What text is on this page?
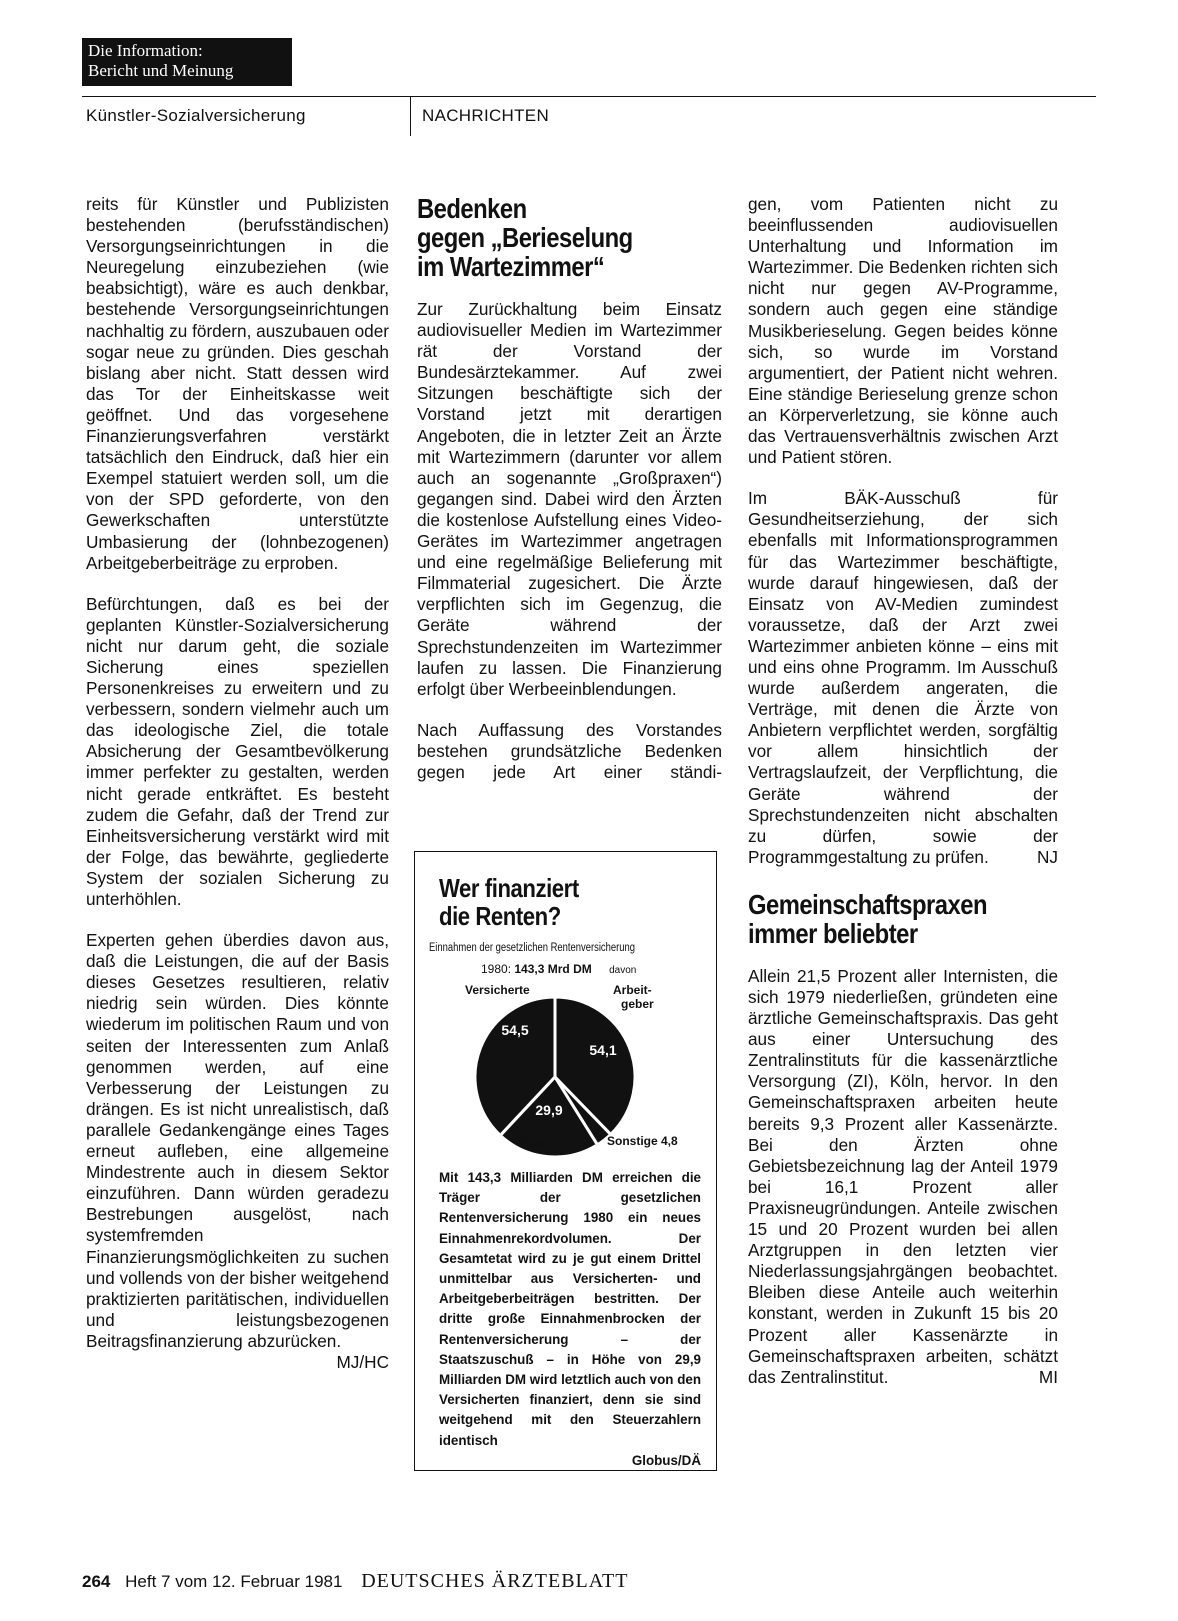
Die Information:
Bericht und Meinung
Künstler-Sozialversicherung	NACHRICHTEN

reits für Künstler und Publizisten bestehenden (berufsständischen) Versorgungseinrichtungen in die Neuregelung einzubeziehen (wie beabsichtigt), wäre es auch denkbar, bestehende Versorgungseinrichtungen nachhaltig zu fördern, auszubauen oder sogar neue zu gründen. Dies geschah bislang aber nicht. Statt dessen wird das Tor der Einheitskasse weit geöffnet. Und das vorgesehene Finanzierungsverfahren verstärkt tatsächlich den Eindruck, daß hier ein Exempel statuiert werden soll, um die von der SPD geforderte, von den Gewerkschaften unterstützte Umbasierung der (lohnbezogenen) Arbeitgeberbeiträge zu erproben.

Befürchtungen, daß es bei der geplanten Künstler-Sozialversicherung nicht nur darum geht, die soziale Sicherung eines speziellen Personenkreises zu erweitern und zu verbessern, sondern vielmehr auch um das ideologische Ziel, die totale Absicherung der Gesamtbevölkerung immer perfekter zu gestalten, werden nicht gerade entkräftet. Es besteht zudem die Gefahr, daß der Trend zur Einheitsversicherung verstärkt wird mit der Folge, das bewährte, gegliederte System der sozialen Sicherung zu unterhöhlen.

Experten gehen überdies davon aus, daß die Leistungen, die auf der Basis dieses Gesetzes resultieren, relativ niedrig sein würden. Dies könnte wiederum im politischen Raum und von seiten der Interessenten zum Anlaß genommen werden, auf eine Verbesserung der Leistungen zu drängen. Es ist nicht unrealistisch, daß parallele Gedankengänge eines Tages erneut aufleben, eine allgemeine Mindestrente auch in diesem Sektor einzuführen. Dann würden geradezu Bestrebungen ausgelöst, nach systemfremden Finanzierungsmöglichkeiten zu suchen und vollends von der bisher weitgehend praktizierten paritätischen, individuellen und leistungsbezogenen Beitragsfinanzierung abzurücken.
MJ/HC

Bedenken
gegen „Berieselung
im Wartezimmer“

Zur Zurückhaltung beim Einsatz audiovisueller Medien im Wartezimmer rät der Vorstand der Bundesärztekammer. Auf zwei Sitzungen beschäftigte sich der Vorstand jetzt mit derartigen Angeboten, die in letzter Zeit an Ärzte mit Wartezimmern (darunter vor allem auch an sogenannte „Großpraxen“) gegangen sind. Dabei wird den Ärzten die kostenlose Aufstellung eines Video-Gerätes im Wartezimmer angetragen und eine regelmäßige Belieferung mit Filmmaterial zugesichert. Die Ärzte verpflichten sich im Gegenzug, die Geräte während der Sprechstundenzeiten im Wartezimmer laufen zu lassen. Die Finanzierung erfolgt über Werbeeinblendungen.

Nach Auffassung des Vorstandes bestehen grundsätzliche Bedenken gegen jede Art einer ständi-

Wer finanziert
die Renten?
Einnahmen der gesetzlichen Rentenversicherung
1980: 143,3 Mrd DM davon
54,5
Versicherte
54,1
geber
Arbeit-
Sonstige 4,8
29,9
Staat
Mit 143,3 Milliarden DM erreichen die Träger der gesetzlichen Rentenversicherung 1980 ein neues Einnahmenrekordvolumen. Der Gesamtetat wird zu je gut einem Drittel unmittelbar aus Versicherten- und Arbeitgeberbeiträgen bestritten. Der dritte große Einnahmenbrocken der Rentenversicherung – der Staatszuschuß – in Höhe von 29,9 Milliarden DM wird letztlich auch von den Versicherten finanziert, denn sie sind weitgehend mit den Steuerzahlern identisch
Globus/DÄ

gen, vom Patienten nicht zu beeinflussenden audiovisuellen Unterhaltung und Information im Wartezimmer. Die Bedenken richten sich nicht nur gegen AV-Programme, sondern auch gegen eine ständige Musikberieselung. Gegen beides könne sich, so wurde im Vorstand argumentiert, der Patient nicht wehren. Eine ständige Berieselung grenze schon an Körperverletzung, sie könne auch das Vertrauensverhältnis zwischen Arzt und Patient stören.

Im BÄK-Ausschuß für Gesundheitserziehung, der sich ebenfalls mit Informationsprogrammen für das Wartezimmer beschäftigte, wurde darauf hingewiesen, daß der Einsatz von AV-Medien zumindest voraussetze, daß der Arzt zwei Wartezimmer anbieten könne – eins mit und eins ohne Programm. Im Ausschuß wurde außerdem angeraten, die Verträge, mit denen die Ärzte von Anbietern verpflichtet werden, sorgfältig vor allem hinsichtlich der Vertragslaufzeit, der Verpflichtung, die Geräte während der Sprechstundenzeiten nicht abschalten zu dürfen, sowie der Programmgestaltung zu prüfen.	NJ

Gemeinschaftspraxen
immer beliebter

Allein 21,5 Prozent aller Internisten, die sich 1979 niederließen, gründeten eine ärztliche Gemeinschaftspraxis. Das geht aus einer Untersuchung des Zentralinstituts für die kassenärztliche Versorgung (ZI), Köln, hervor. In den Gemeinschaftspraxen arbeiten heute bereits 9,3 Prozent aller Kassenärzte. Bei den Ärzten ohne Gebietsbezeichnung lag der Anteil 1979 bei 16,1 Prozent aller Praxisneugründungen. Anteile zwischen 15 und 20 Prozent wurden bei allen Arztgruppen in den letzten vier Niederlassungsjahrgängen beobachtet. Bleiben diese Anteile auch weiterhin konstant, werden in Zukunft 15 bis 20 Prozent aller Kassenärzte in Gemeinschaftspraxen arbeiten, schätzt das Zentralinstitut.	MI

264 Heft 7 vom 12. Februar 1981 DEUTSCHES ÄRZTEBLATT
